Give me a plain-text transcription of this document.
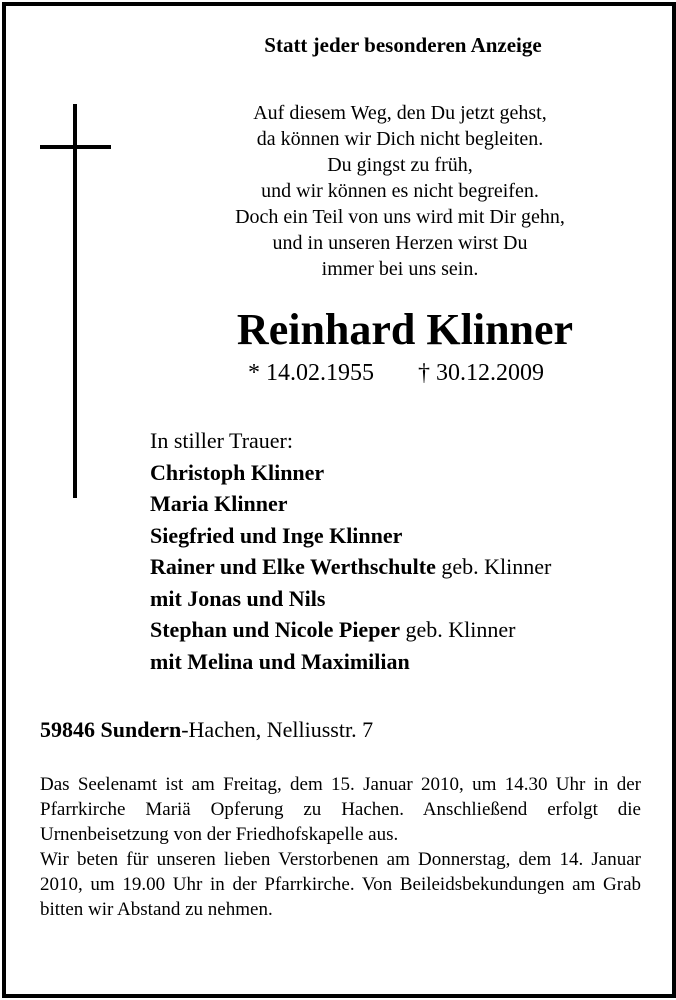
Statt jeder besonderen Anzeige
Auf diesem Weg, den Du jetzt gehst,
da können wir Dich nicht begleiten.
Du gingst zu früh,
und wir können es nicht begreifen.
Doch ein Teil von uns wird mit Dir gehn,
und in unseren Herzen wirst Du
immer bei uns sein.
Reinhard Klinner
* 14.02.1955 † 30.12.2009
In stiller Trauer:
Christoph Klinner
Maria Klinner
Siegfried und Inge Klinner
Rainer und Elke Werthschulte geb. Klinner
mit Jonas und Nils
Stephan und Nicole Pieper geb. Klinner
mit Melina und Maximilian
59846 Sundern-Hachen, Nelliusstr. 7

Das Seelenamt ist am Freitag, dem 15. Januar 2010, um 14.30 Uhr in der Pfarrkirche Mariä Opferung zu Hachen. Anschließend erfolgt die Urnenbeisetzung von der Friedhofskapelle aus.

Wir beten für unseren lieben Verstorbenen am Donnerstag, dem 14. Januar 2010, um 19.00 Uhr in der Pfarrkirche. Von Beileidsbekundungen am Grab bitten wir Abstand zu nehmen.
